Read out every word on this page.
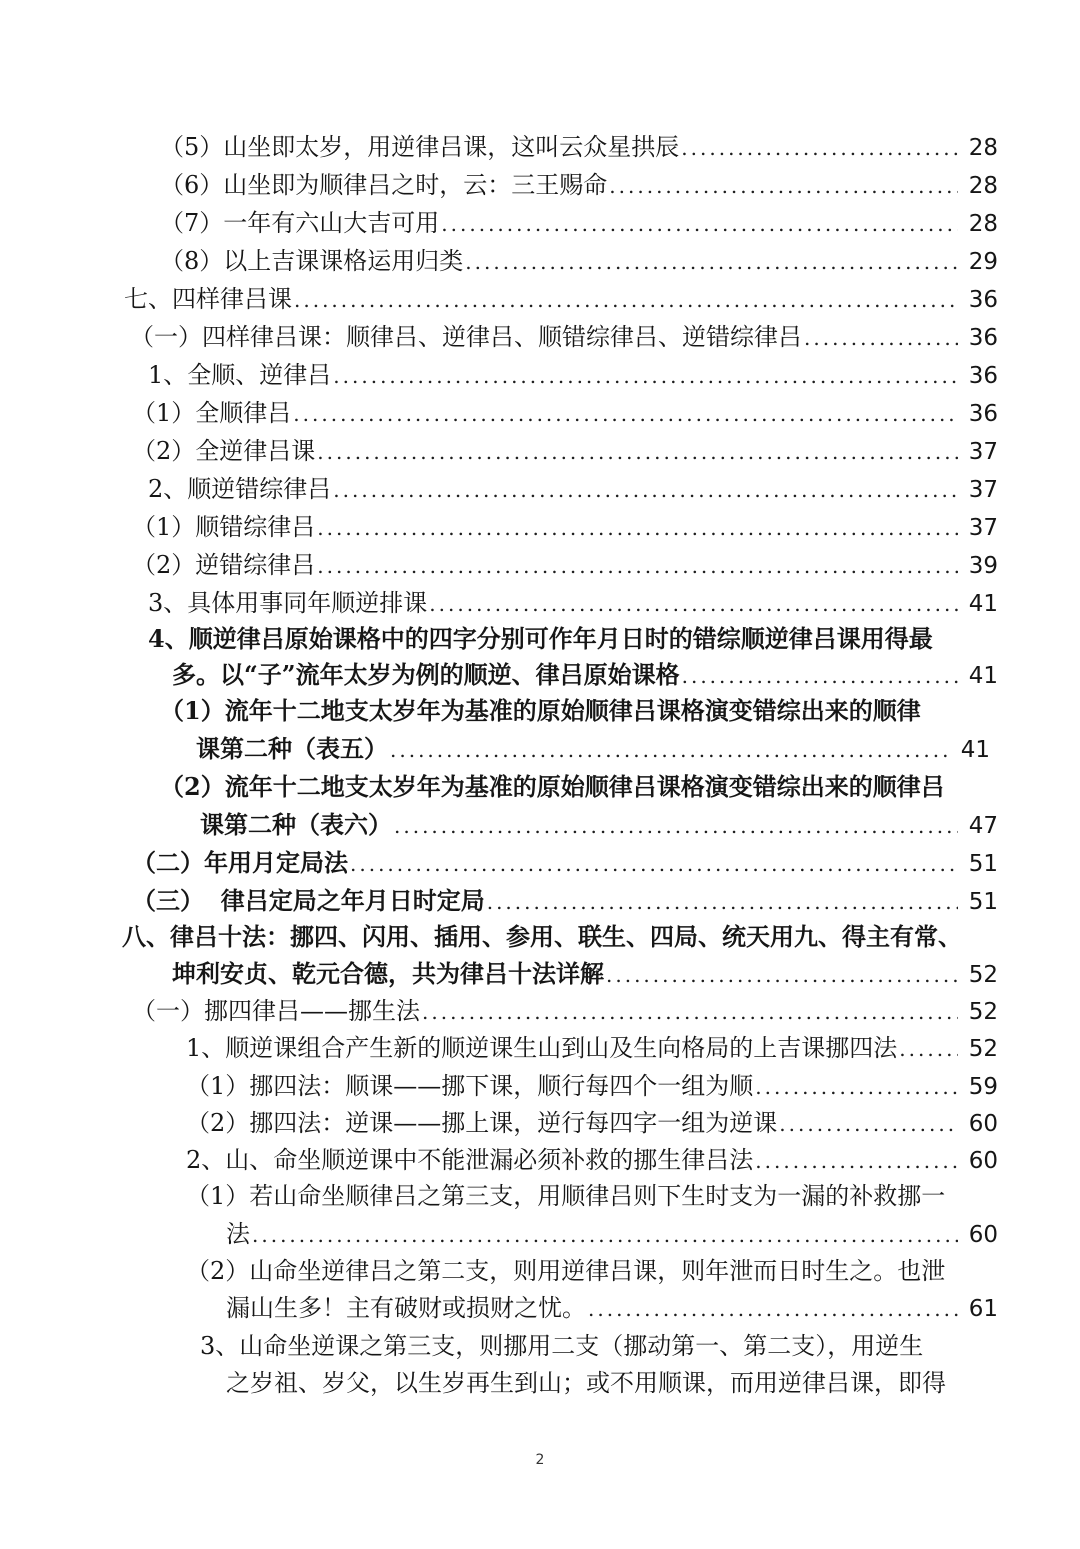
（5）山坐即太岁，用逆律吕课，这叫云众星拱辰 .....	28
（6）山坐即为顺律吕之时，云：三王赐命 .....	28
（7）一年有六山大吉可用 .....	28
（8）以上吉课课格运用归类 .....	29
七、四样律吕课 .....	36
（一）四样律吕课：顺律吕、逆律吕、顺错综律吕、逆错综律吕 .....	36
1、全顺、逆律吕 .....	36
（1）全顺律吕 .....	36
（2）全逆律吕课 .....	37
2、顺逆错综律吕 .....	37
（1）顺错综律吕 .....	37
（2）逆错综律吕 .....	39
3、具体用事同年顺逆排课 .....	41
4、顺逆律吕原始课格中的四字分别可作年月日时的错综顺逆律吕课用得最
多。以“子”流年太岁为例的顺逆、律吕原始课格 .....	41
（1）流年十二地支太岁年为基准的原始顺律吕课格演变错综出来的顺律
课第二种（表五） .....	41
（2）流年十二地支太岁年为基准的原始顺律吕课格演变错综出来的顺律吕
课第二种（表六） .....	47
（二）年用月定局法 .....	51
（三）  律吕定局之年月日时定局 .....	51
八、律吕十法：挪四、闪用、插用、参用、联生、四局、统天用九、得主有常、
坤利安贞、乾元合德，共为律吕十法详解 .....	52
（一）挪四律吕——挪生法 .....	52
1、顺逆课组合产生新的顺逆课生山到山及生向格局的上吉课挪四法 .....	52
（1）挪四法：顺课——挪下课，顺行每四个一组为顺 .....	59
（2）挪四法：逆课——挪上课，逆行每四字一组为逆课 .....	60
2、山、命坐顺逆课中不能泄漏必须补救的挪生律吕法 .....	60
（1）若山命坐顺律吕之第三支，用顺律吕则下生时支为一漏的补救挪一
法 .....	60
（2）山命坐逆律吕之第二支，则用逆律吕课，则年泄而日时生之。也泄
漏山生多！主有破财或损财之忧。 .....	61
3、山命坐逆课之第三支，则挪用二支（挪动第一、第二支），用逆生
之岁祖、岁父，以生岁再生到山；或不用顺课，而用逆律吕课，即得
2
